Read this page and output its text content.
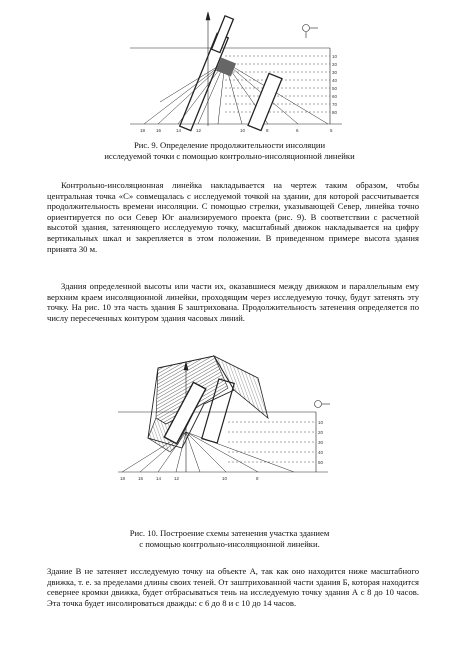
10
20
30
40
50
60
70
80
18 16	14	12	10	8	6	5
Рис. 9. Определение продолжительности инсоляции
исследуемой точки с помощью контрольно-инсоляционной линейки
Контрольно-инсоляционная линейка накладывается на чертеж таким образом, чтобы центральная точка «С» совмещалась с исследуемой точкой на здании, для которой рассчитывается продолжительность времени инсоляции. С помощью стрелки, указывающей Север, линейка точно ориентируется по оси Север Юг анализируемого проекта (рис. 9). В соответствии с расчетной высотой здания, затеняющего исследуемую точку, масштабный движок накладывается на цифру вертикальных шкал и закрепляется в этом положении. В приведенном примере высота здания принята 30 м.
Здания определенной высоты или части их, оказавшиеся между движком и параллельным ему верхним краем инсоляционной линейки, проходящим через исследуемую точку, будут затенять эту точку. На рис. 10 эта часть здания Б заштрихована. Продолжительность затенения определяется по числу пересеченных контуром здания часовых линий.
10
20
30
40
50
18	16	14	12	10	8
Рис. 10. Построение схемы затенения участка зданием
с помощью контрольно-инсоляционной линейки.
Здание В не затеняет исследуемую точку на объекте А, так как оно находится ниже масштабного движка, т. е. за пределами длины своих теней. От заштрихованной части здания Б, которая находится севернее кромки движка, будет отбрасываться тень на исследуемую точку здания А с 8 до 10 часов. Эта точка будет инсолироваться дважды: с 6 до 8 и с 10 до 14 часов.
